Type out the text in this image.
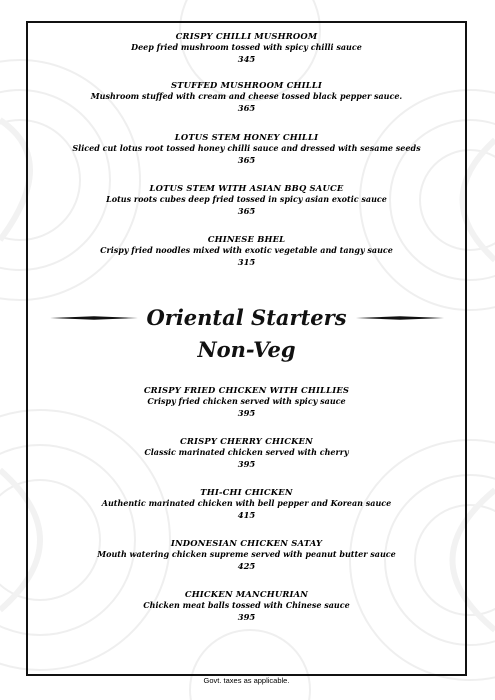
CRISPY CHILLI MUSHROOM
Deep fried mushroom tossed with spicy chilli sauce
345
STUFFED MUSHROOM CHILLI
Mushroom stuffed with cream and cheese tossed black pepper sauce.
365
LOTUS STEM HONEY CHILLI
Sliced cut lotus root tossed honey chilli sauce and dressed with sesame seeds
365
LOTUS STEM WITH ASIAN BBQ SAUCE
Lotus roots cubes deep fried tossed in spicy asian exotic sauce
365
CHINESE BHEL
Crispy fried noodles mixed with exotic vegetable and tangy sauce
315
Oriental Starters
Non-Veg
CRISPY FRIED CHICKEN WITH CHILLIES
Crispy fried chicken served with spicy sauce
395
CRISPY CHERRY CHICKEN
Classic marinated chicken served with cherry
395
THI-CHI CHICKEN
Authentic marinated chicken with bell pepper and Korean sauce
415
INDONESIAN CHICKEN SATAY
Mouth watering chicken supreme served with peanut butter sauce
425
CHICKEN MANCHURIAN
Chicken meat balls tossed with Chinese sauce
395
Govt. taxes as applicable.
